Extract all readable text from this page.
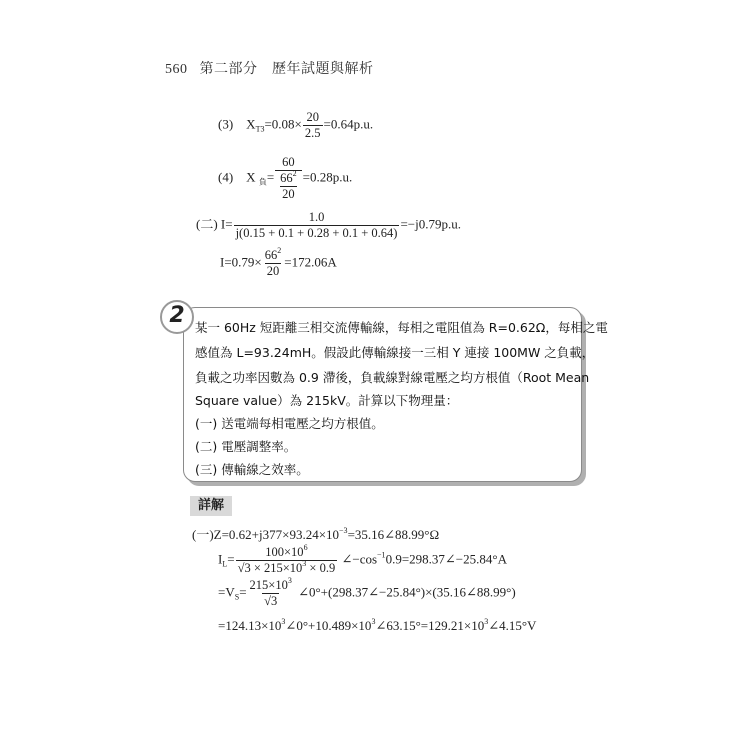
560 第二部分　歷年試題與解析
(3) $X_{T3}=0.08\times \frac{20}{2.5} =0.64p.u$.
(4) X $_負= \frac{60}{\frac{66^2}{20}} =0.28p.u$.
(二) $I= \frac{1.0}{j(0.15 + 0.1 + 0.28 + 0.1 + 0.64)} =-j0.79p.u$.
$I=0.79\times \frac{66^2}{20} =172.06A$
2 某一 60Hz 短距離三相交流傳輸線，每相之電阻值為 R=0.62Ω，每相之電
感值為 L=93.24mH。假設此傳輸線接一三相 Y 連接 100MW 之負載，
負載之功率因數為 0.9 滯後，負載線對線電壓之均方根值（Root Mean
Square value）為 215kV。計算以下物理量：
(一) 送電端每相電壓之均方根值。
(二) 電壓調整率。
(三) 傳輸線之效率。
詳解
(一)$Z=0.62+j377\times 93.24\times 10^{-3}=35.16\angle 88.99^\circ\Omega$
$I_L= \frac{100\times 10^6}{√3 \times 215\times 10^3 \times 0.9}$ $\angle-\cos^{-1}0.9=298.37\angle-25.84^\circ A$
$=V_S= \frac{215\times 10^3}{√3}$ ∠0°+(298.37∠−25.84°)×(35.16∠88.99°)
$=124.13\times 10^3\angle 0^\circ+10.489\times 10^3\angle 63.15^\circ=129.21\times 10^3\angle 4.15^\circ V$
